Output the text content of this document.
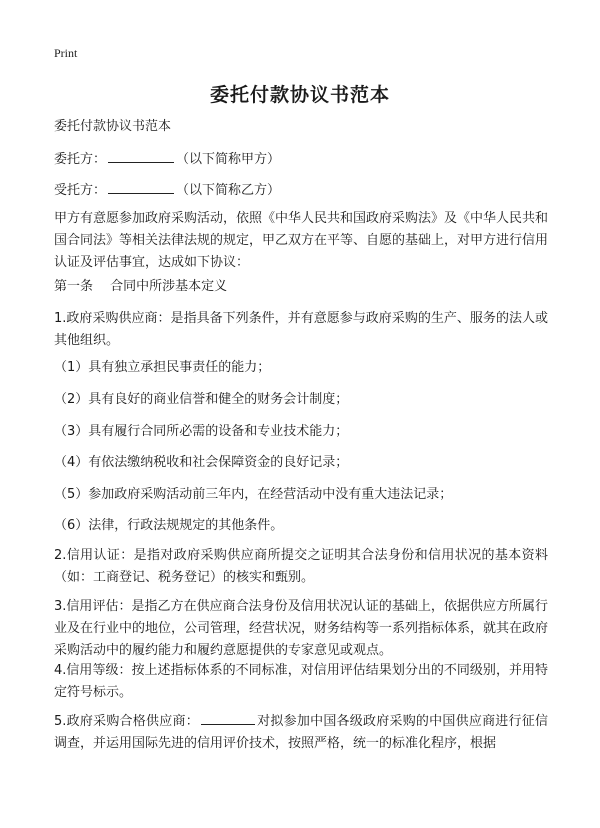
Print
委托付款协议书范本
委托付款协议书范本
委托方：	（以下简称甲方）
受托方：	（以下简称乙方）
甲方有意愿参加政府采购活动，依照《中华人民共和国政府采购法》及《中华人民共和国合同法》等相关法律法规的规定，甲乙双方在平等、自愿的基础上，对甲方进行信用认证及评估事宜，达成如下协议：
第一条　 合同中所涉基本定义
1.政府采购供应商：是指具备下列条件，并有意愿参与政府采购的生产、服务的法人或其他组织。
（1）具有独立承担民事责任的能力；
（2）具有良好的商业信誉和健全的财务会计制度；
（3）具有履行合同所必需的设备和专业技术能力；
（4）有依法缴纳税收和社会保障资金的良好记录；
（5）参加政府采购活动前三年内，在经营活动中没有重大违法记录；
（6）法律，行政法规规定的其他条件。
2.信用认证：是指对政府采购供应商所提交之证明其合法身份和信用状况的基本资料（如：工商登记、税务登记）的核实和甄别。
3.信用评估：是指乙方在供应商合法身份及信用状况认证的基础上，依据供应方所属行业及在行业中的地位，公司管理，经营状况，财务结构等一系列指标体系，就其在政府采购活动中的履约能力和履约意愿提供的专家意见或观点。
4.信用等级：按上述指标体系的不同标准，对信用评估结果划分出的不同级别，并用特定符号标示。
5.政府采购合格供应商：	对拟参加中国各级政府采购的中国供应商进行征信调查，并运用国际先进的信用评价技术，按照严格，统一的标准化程序，根据
